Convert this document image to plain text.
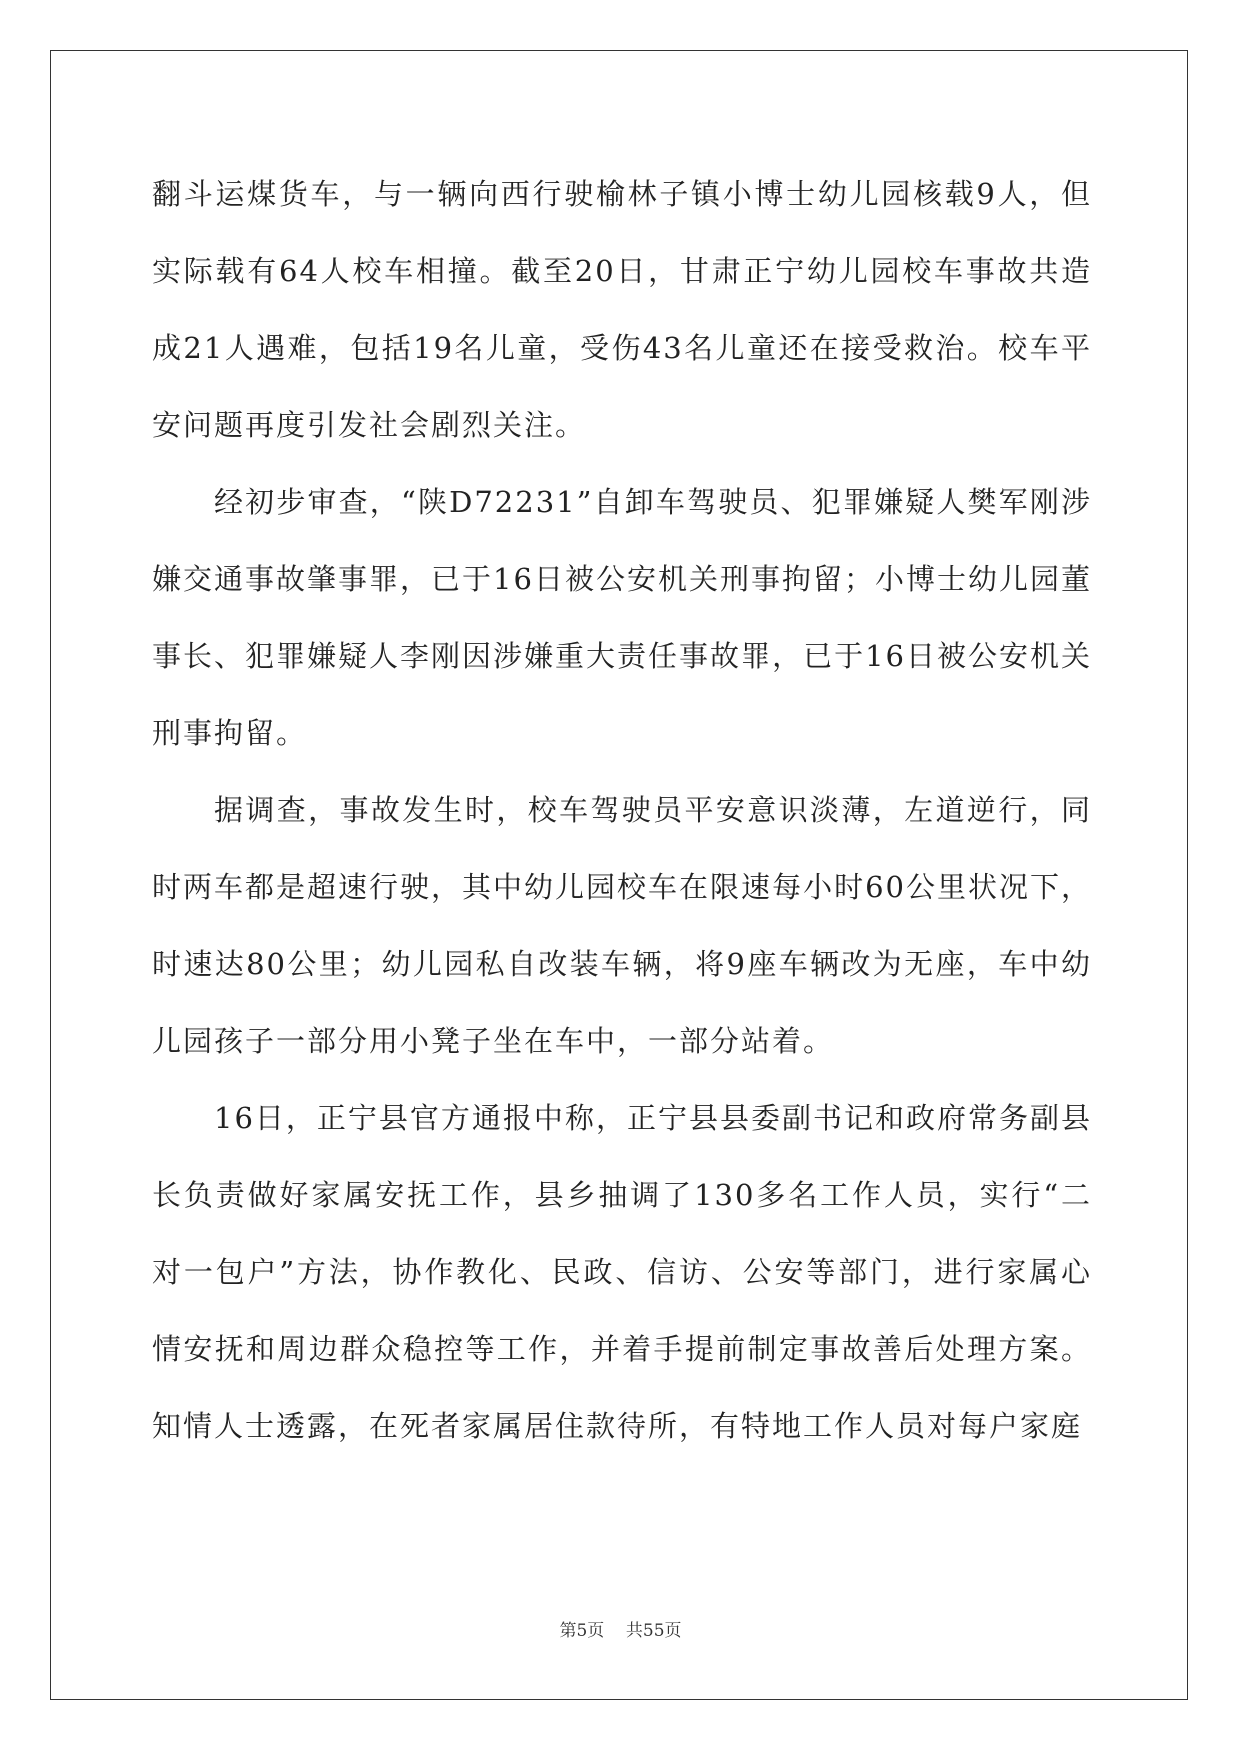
翻斗运煤货车，与一辆向西行驶榆林子镇小博士幼儿园核载9人，但实际载有64人校车相撞。截至20日，甘肃正宁幼儿园校车事故共造成21人遇难，包括19名儿童，受伤43名儿童还在接受救治。校车平安问题再度引发社会剧烈关注。

经初步审查，“陕D72231”自卸车驾驶员、犯罪嫌疑人樊军刚涉嫌交通事故肇事罪，已于16日被公安机关刑事拘留；小博士幼儿园董事长、犯罪嫌疑人李刚因涉嫌重大责任事故罪，已于16日被公安机关刑事拘留。

据调查，事故发生时，校车驾驶员平安意识淡薄，左道逆行，同时两车都是超速行驶，其中幼儿园校车在限速每小时60公里状况下，时速达80公里；幼儿园私自改装车辆，将9座车辆改为无座，车中幼儿园孩子一部分用小凳子坐在车中，一部分站着。

16日，正宁县官方通报中称，正宁县县委副书记和政府常务副县长负责做好家属安抚工作，县乡抽调了130多名工作人员，实行“二对一包户”方法，协作教化、民政、信访、公安等部门，进行家属心情安抚和周边群众稳控等工作，并着手提前制定事故善后处理方案。知情人士透露，在死者家属居住款待所，有特地工作人员对每户家庭

第5页 共55页
